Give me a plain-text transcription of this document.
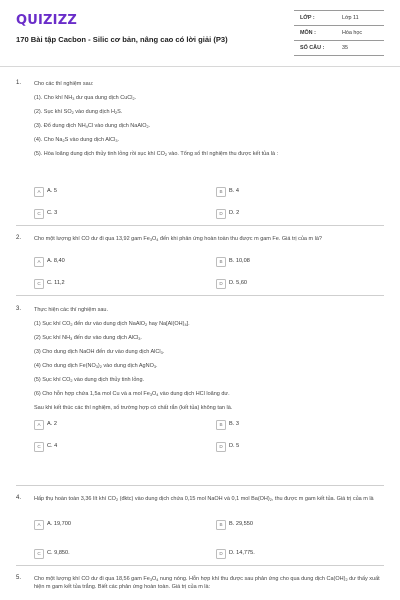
QUIZIZZ
170 Bài tập Cacbon - Silic cơ bản, nâng cao có lời giải (P3)
LỚP :	Lớp 11
MÔN :	Hóa học
SỐ CÂU :	35
1. Cho các thí nghiệm sau:
(1). Cho khí $NH_3$ dư qua dung dịch CuCl$_2$.
(2). Sục khí $SO_2$ vào dung dịch $H_2S$.
(3). Đổ dung dịch $NH_4Cl$ vào dung dịch NaAlO$_2$.
(4). Cho $Na_2S$ vào dung dịch AlCl$_3$.
(5). Hòa loãng dung dịch thủy tinh lỏng rồi sục khí $CO_2$ vào. Tổng số thí nghiệm thu được kết tủa là :
A	A. 5	B	B. 4
C	C. 3	D	D. 2
2. Cho một lượng khí CO dư đi qua 13,92 gam $Fe_3O_4$ đến khi phản ứng hoàn toàn thu được m gam Fe. Giá trị của m là?
A	A. 8,40	B	B. 10,08
C	C. 11,2	D	D. 5,60
3. Thực hiện các thí nghiệm sau.
(1) Sục khí $CO_2$ đến dư vào dung dịch NaAlO$_2$ hay $Na[Al(OH)_4]$.
(2) Sục khí $NH_3$ đến dư vào dung dịch AlCl$_3$.
(3) Cho dung dịch NaOH đến dư vào dung dịch AlCl$_3$.
(4) Cho dung dịch $Fe(NO_3)_2$ vào dung dịch AgNO$_3$.
(5) Sục khí $CO_2$ vào dung dịch thủy tinh lỏng.
(6) Cho hỗn hợp chứa 1,5a mol Cu và a mol $Fe_3O_4$ vào dung dịch HCl loãng dư.
Sau khi kết thúc các thí nghiệm, số trường hợp có chất rắn (kết tủa) không tan là.
A	A. 2	B	B. 3
C	C. 4	D	D. 5
4. Hấp thụ hoàn toàn 3,36 lít khí $CO_2$ (đktc) vào dung dịch chứa 0,15 mol NaOH và 0,1 mol $Ba(OH)_2$, thu được m gam kết tủa. Giá trị của m là
A	A. 19,700	B	B. 29,550
C	C. 9,850.	D	D. 14,775.
5. Cho một lượng khí CO dư đi qua 18,56 gam $Fe_3O_4$ nung nóng. Hỗn hợp khí thu được sau phản ứng cho qua dung dịch $Ca(OH)_2$ dư thấy xuất hiện m gam kết tủa trắng. Biết các phản ứng hoàn toàn. Giá trị của m là:
